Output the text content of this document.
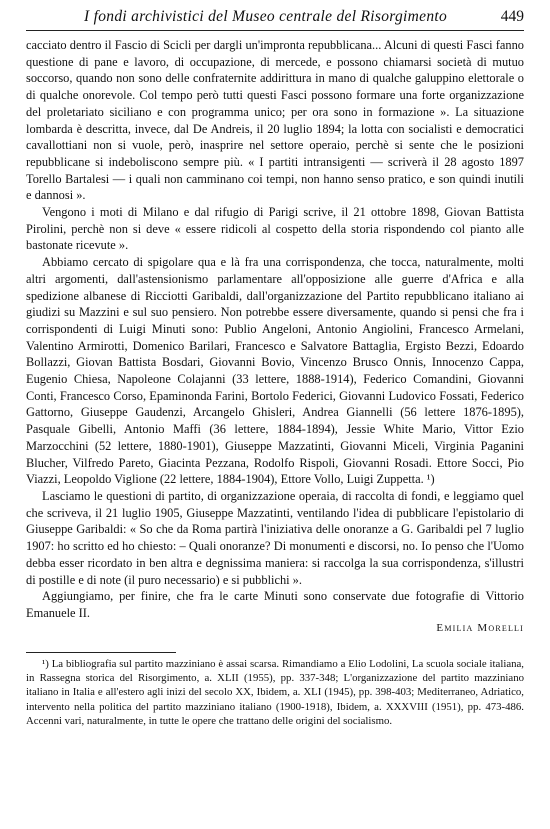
I fondi archivistici del Museo centrale del Risorgimento	449

cacciato dentro il Fascio di Scicli per dargli un'impronta repubblicana... Alcuni di questi Fasci fanno questione di pane e lavoro, di occupazione, di mercede, e possono chiamarsi società di mutuo soccorso, quando non sono delle confraternite addirittura in mano di qualche galuppino elettorale o di qualche onorevole. Col tempo però tutti questi Fasci possono formare una forte organizzazione del proletariato siciliano e con programma unico; per ora sono in formazione ». La situazione lombarda è descritta, invece, dal De Andreis, il 20 luglio 1894; la lotta con socialisti e democratici cavallottiani non si vuole, però, inasprire nel settore operaio, perchè si sente che le posizioni repubblicane si indeboliscono sempre più. « I partiti intransigenti — scriverà il 28 agosto 1897 Torello Bartalesi — i quali non camminano coi tempi, non hanno senso pratico, e son quindi inutili e dannosi ».

Vengono i moti di Milano e dal rifugio di Parigi scrive, il 21 ottobre 1898, Giovan Battista Pirolini, perchè non si deve « essere ridicoli al cospetto della storia rispondendo col pianto alle bastonate ricevute ».

Abbiamo cercato di spigolare qua e là fra una corrispondenza, che tocca, naturalmente, molti altri argomenti, dall'astensionismo parlamentare all'opposizione alle guerre d'Africa e alla spedizione albanese di Ricciotti Garibaldi, dall'organizzazione del Partito repubblicano italiano ai giudizi su Mazzini e sul suo pensiero. Non potrebbe essere diversamente, quando si pensi che fra i corrispondenti di Luigi Minuti sono: Publio Angeloni, Antonio Angiolini, Francesco Armelani, Valentino Armirotti, Domenico Barilari, Francesco e Salvatore Battaglia, Ergisto Bezzi, Edoardo Bollazzi, Giovan Battista Bosdari, Giovanni Bovio, Vincenzo Brusco Onnis, Innocenzo Cappa, Eugenio Chiesa, Napoleone Colajanni (33 lettere, 1888-1914), Federico Comandini, Giovanni Conti, Francesco Corso, Epaminonda Farini, Bortolo Federici, Giovanni Ludovico Fossati, Federico Gattorno, Giuseppe Gaudenzi, Arcangelo Ghisleri, Andrea Giannelli (56 lettere 1876-1895), Pasquale Gibelli, Antonio Maffi (36 lettere, 1884-1894), Jessie White Mario, Vittor Ezio Marzocchini (52 lettere, 1880-1901), Giuseppe Mazzatinti, Giovanni Miceli, Virginia Paganini Blucher, Vilfredo Pareto, Giacinta Pezzana, Rodolfo Rispoli, Giovanni Rosadi. Ettore Socci, Pio Viazzi, Leopoldo Viglione (22 lettere, 1884-1904), Ettore Vollo, Luigi Zuppetta. ¹)

Lasciamo le questioni di partito, di organizzazione operaia, di raccolta di fondi, e leggiamo quel che scriveva, il 21 luglio 1905, Giuseppe Mazzatinti, ventilando l'idea di pubblicare l'epistolario di Giuseppe Garibaldi: « So che da Roma partirà l'iniziativa delle onoranze a G. Garibaldi pel 7 luglio 1907: ho scritto ed ho chiesto: – Quali onoranze? Di monumenti e discorsi, no. Io penso che l'Uomo debba esser ricordato in ben altra e degnissima maniera: si raccolga la sua corrispondenza, s'illustri di postille e di note (il puro necessario) e si pubblichi ».

Aggiungiamo, per finire, che fra le carte Minuti sono conservate due fotografie di Vittorio Emanuele II.

Emilia Morelli
¹) La bibliografia sul partito mazziniano è assai scarsa. Rimandiamo a Elio Lodolini, La scuola sociale italiana, in Rassegna storica del Risorgimento, a. XLII (1955), pp. 337-348; L'organizzazione del partito mazziniano italiano in Italia e all'estero agli inizi del secolo XX, Ibidem, a. XLI (1945), pp. 398-403; Mediterraneo, Adriatico, intervento nella politica del partito mazziniano italiano (1900-1918), Ibidem, a. XXXVIII (1951), pp. 473-486. Accenni vari, naturalmente, in tutte le opere che trattano delle origini del socialismo.
